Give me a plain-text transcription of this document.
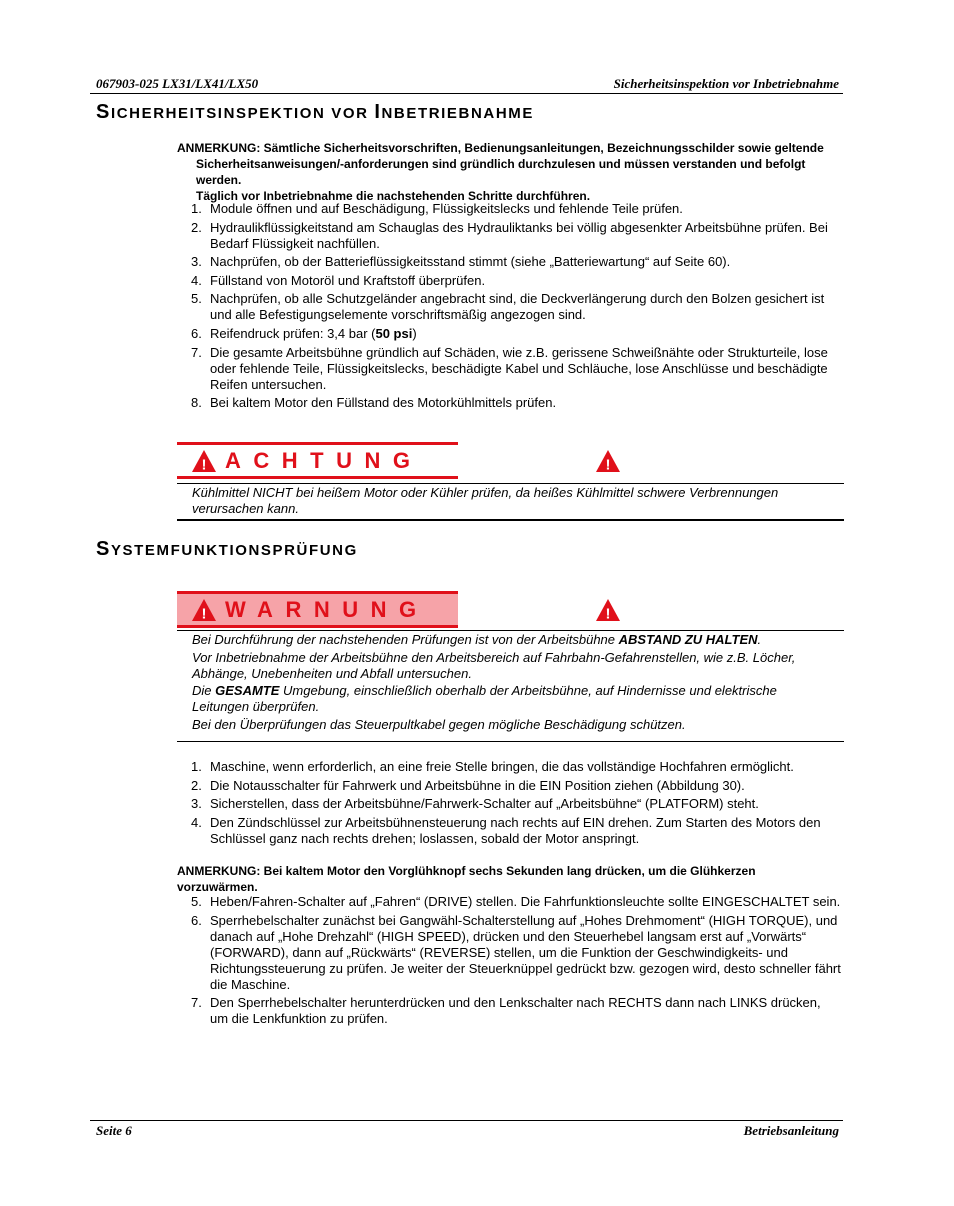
067903-025 LX31/LX41/LX50	Sicherheitsinspektion vor Inbetriebnahme
SICHERHEITSINSPEKTION VOR INBETRIEBNAHME
ANMERKUNG: Sämtliche Sicherheitsvorschriften, Bedienungsanleitungen, Bezeichnungsschilder sowie geltende
Sicherheitsanweisungen/-anforderungen sind gründlich durchzulesen und müssen verstanden und befolgt werden.
Täglich vor Inbetriebnahme die nachstehenden Schritte durchführen.
1. Module öffnen und auf Beschädigung, Flüssigkeitslecks und fehlende Teile prüfen.
2. Hydraulikflüssigkeitstand am Schauglas des Hydrauliktanks bei völlig abgesenkter Arbeitsbühne prüfen. Bei Bedarf Flüssigkeit nachfüllen.
3. Nachprüfen, ob der Batterieflüssigkeitsstand stimmt (siehe „Batteriewartung“ auf Seite 60).
4. Füllstand von Motoröl und Kraftstoff überprüfen.
5. Nachprüfen, ob alle Schutzgeländer angebracht sind, die Deckverlängerung durch den Bolzen gesichert ist und alle Befestigungselemente vorschriftsmäßig angezogen sind.
6. Reifendruck prüfen: 3,4 bar (50 psi)
7. Die gesamte Arbeitsbühne gründlich auf Schäden, wie z.B. gerissene Schweißnähte oder Strukturteile, lose oder fehlende Teile, Flüssigkeitslecks, beschädigte Kabel und Schläuche, lose Anschlüsse und beschädigte Reifen untersuchen.
8. Bei kaltem Motor den Füllstand des Motorkühlmittels prüfen.
! ACHTUNG	!

Kühlmittel NICHT bei heißem Motor oder Kühler prüfen, da heißes Kühlmittel schwere Verbrennungen verursachen kann.

SYSTEMFUNKTIONSPRÜFUNG
! WARNUNG	!

Bei Durchführung der nachstehenden Prüfungen ist von der Arbeitsbühne ABSTAND ZU HALTEN.

Vor Inbetriebnahme der Arbeitsbühne den Arbeitsbereich auf Fahrbahn-Gefahrenstellen, wie z.B. Löcher, Abhänge, Unebenheiten und Abfall untersuchen.

Die GESAMTE Umgebung, einschließlich oberhalb der Arbeitsbühne, auf Hindernisse und elektrische Leitungen überprüfen.

Bei den Überprüfungen das Steuerpultkabel gegen mögliche Beschädigung schützen.

1. Maschine, wenn erforderlich, an eine freie Stelle bringen, die das vollständige Hochfahren ermöglicht.
2. Die Notausschalter für Fahrwerk und Arbeitsbühne in die EIN Position ziehen (Abbildung 30).
3. Sicherstellen, dass der Arbeitsbühne/Fahrwerk-Schalter auf „Arbeitsbühne“ (PLATFORM) steht.
4. Den Zündschlüssel zur Arbeitsbühnensteuerung nach rechts auf EIN drehen. Zum Starten des Motors den Schlüssel ganz nach rechts drehen; loslassen, sobald der Motor anspringt.
ANMERKUNG: Bei kaltem Motor den Vorglühknopf sechs Sekunden lang drücken, um die Glühkerzen vorzuwärmen.
5. Heben/Fahren-Schalter auf „Fahren“ (DRIVE) stellen. Die Fahrfunktionsleuchte sollte EINGESCHALTET sein.
6. Sperrhebelschalter zunächst bei Gangwähl-Schalterstellung auf „Hohes Drehmoment“ (HIGH TORQUE), und danach auf „Hohe Drehzahl“ (HIGH SPEED), drücken und den Steuerhebel langsam erst auf „Vorwärts“ (FORWARD), dann auf „Rückwärts“ (REVERSE) stellen, um die Funktion der Geschwindigkeits- und Richtungssteuerung zu prüfen. Je weiter der Steuerknüppel gedrückt bzw. gezogen wird, desto schneller fährt die Maschine.
7. Den Sperrhebelschalter herunterdrücken und den Lenkschalter nach RECHTS dann nach LINKS drücken, um die Lenkfunktion zu prüfen.
Seite 6	Betriebsanleitung
